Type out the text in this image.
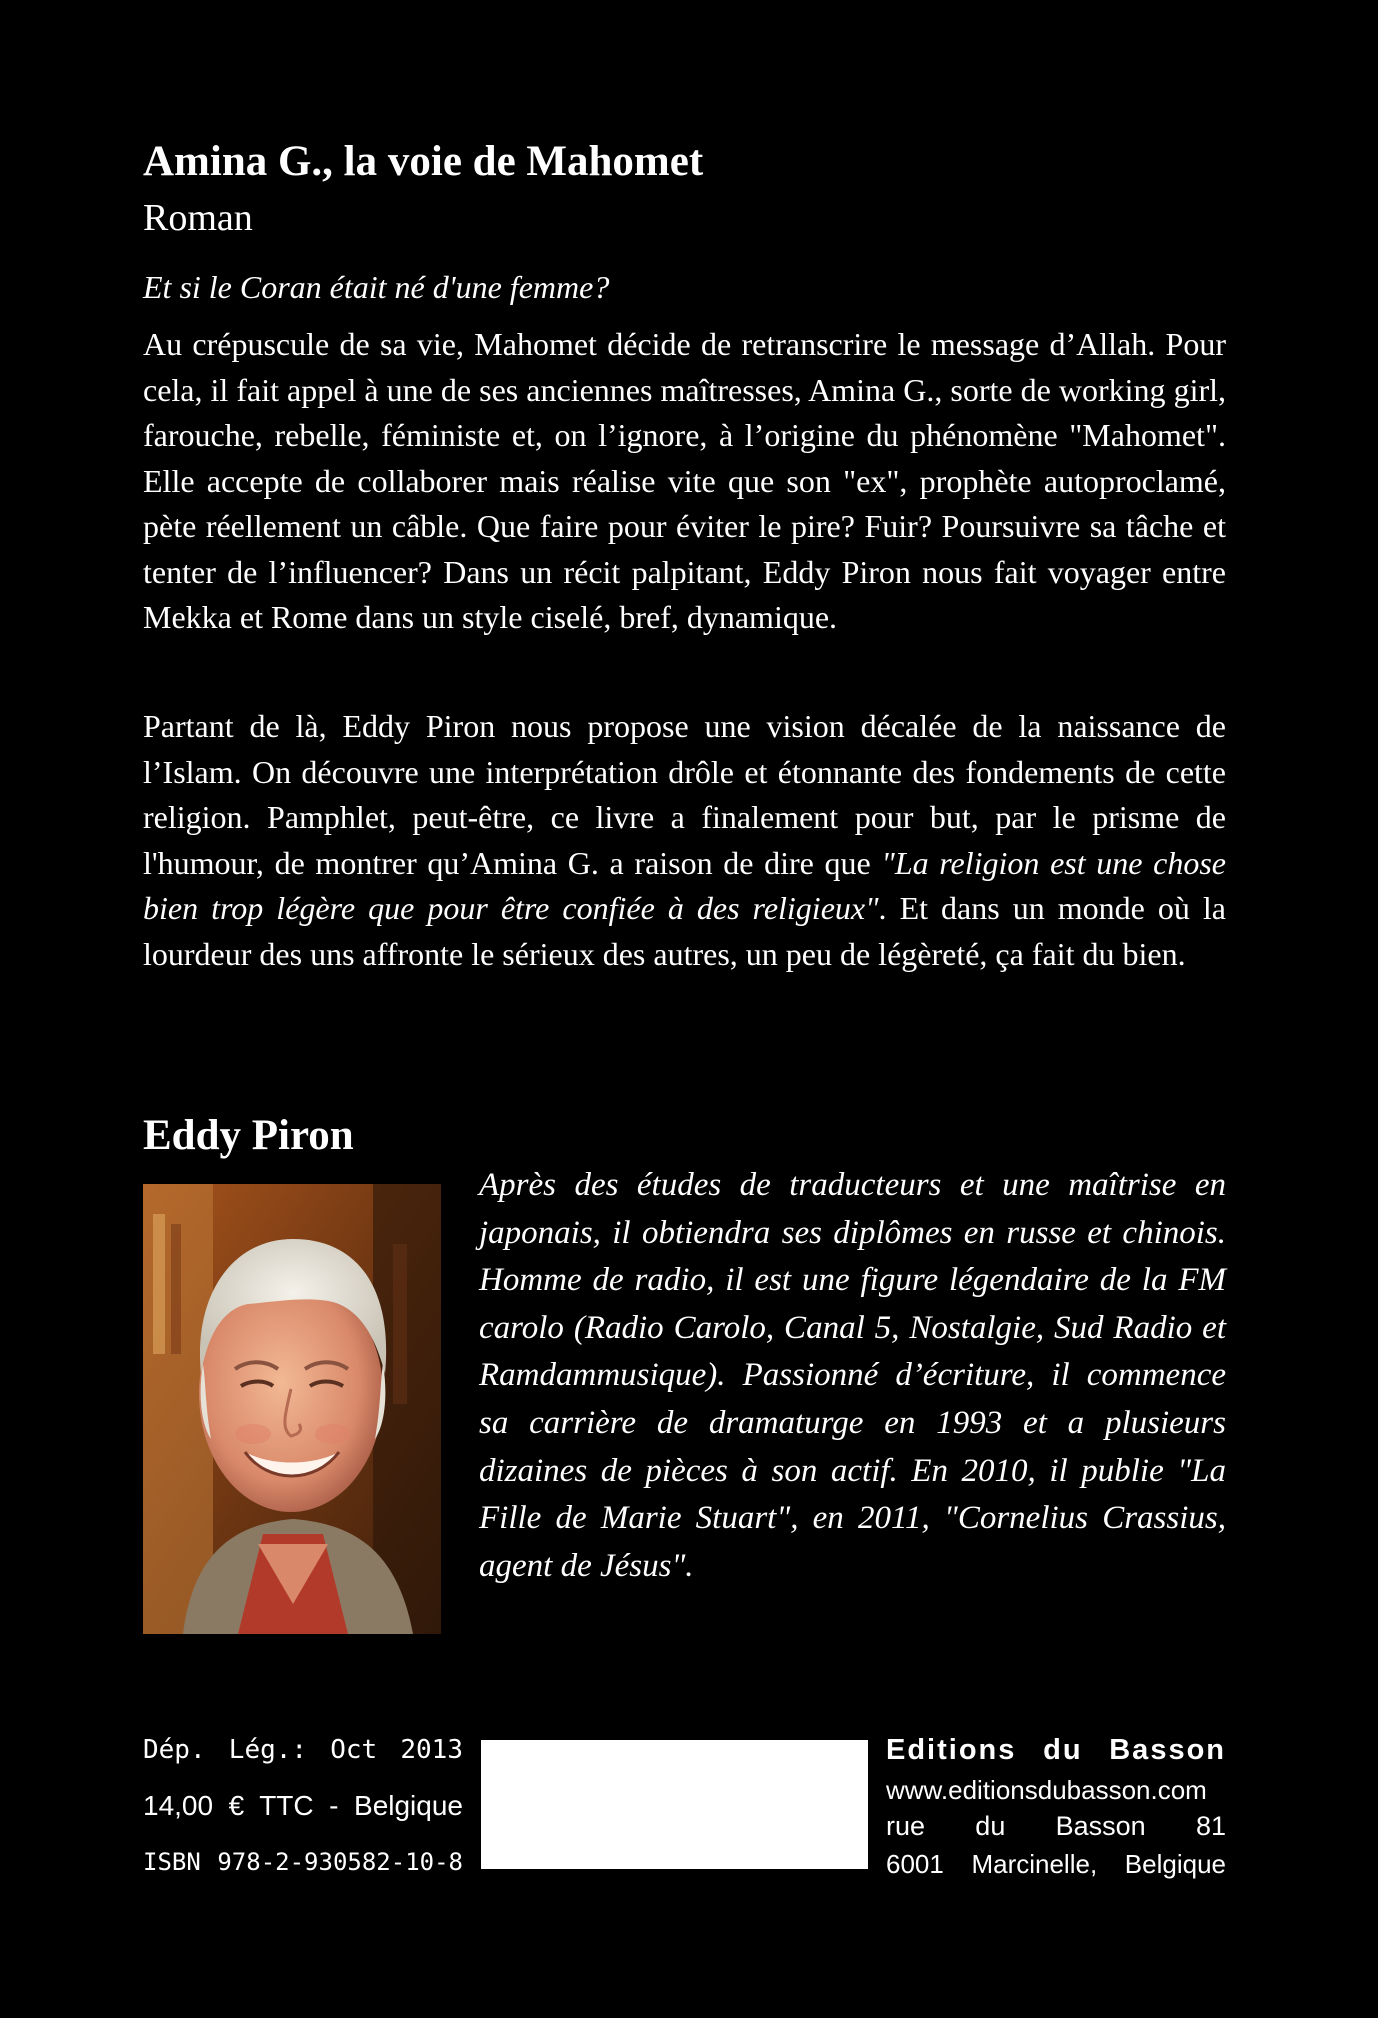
Amina G., la voie de Mahomet
Roman
Et si le Coran était né d'une femme?

Au crépuscule de sa vie, Mahomet décide de retranscrire le message d’Allah. Pour cela, il fait appel à une de ses anciennes maîtresses, Amina G., sorte de working girl, farouche, rebelle, féministe et, on l’ignore, à l’origine du phénomène "Mahomet". Elle accepte de collaborer mais réalise vite que son "ex", prophète autoproclamé, pète réellement un câble. Que faire pour éviter le pire? Fuir? Poursuivre sa tâche et tenter de l’influencer? Dans un récit palpitant, Eddy Piron nous fait voyager entre Mekka et Rome dans un style ciselé, bref, dynamique.

Partant de là, Eddy Piron nous propose une vision décalée de la naissance de l’Islam. On découvre une interprétation drôle et étonnante des fondements de cette religion. Pamphlet, peut-être, ce livre a finalement pour but, par le prisme de l'humour, de montrer qu’Amina G. a raison de dire que "La religion est une chose bien trop légère que pour être confiée à des religieux". Et dans un monde où la lourdeur des uns affronte le sérieux des autres, un peu de légèreté, ça fait du bien.

Eddy Piron

Après des études de traducteurs et une maîtrise en japonais, il obtiendra ses diplômes en russe et chinois. Homme de radio, il est une figure légendaire de la FM carolo (Radio Carolo, Canal 5, Nostalgie, Sud Radio et Ramdammusique). Passionné d’écriture, il commence sa carrière de dramaturge en 1993 et a plusieurs dizaines de pièces à son actif. En 2010, il publie "La Fille de Marie Stuart", en 2011, "Cornelius Crassius, agent de Jésus".

Dép. Lég.: Oct 2013
14,00 € TTC - Belgique
ISBN 978-2-930582-10-8
Editions du Basson
www.editionsdubasson.com
rue du Basson 81
6001 Marcinelle, Belgique
